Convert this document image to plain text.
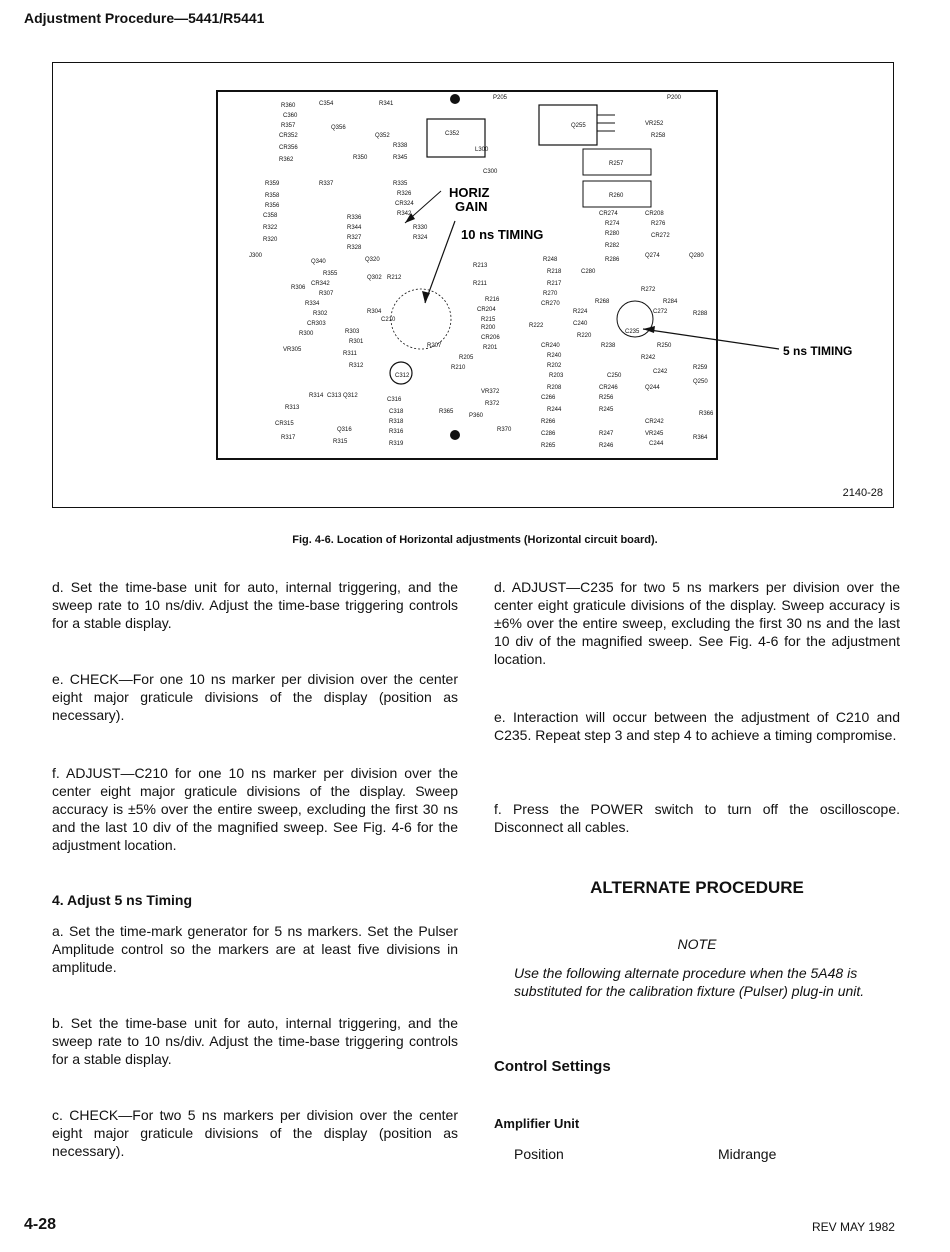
Adjustment Procedure—5441/R5441
HORIZ
GAIN
10 ns TIMING
5 ns TIMING
R360	C354	R341
C360
R357	Q356
CR352	Q352	C352
CR356	R338
L300
R362	R350	R345
C300
R359	R337	R335
R358	R326
R356	CR324
R342
C358	R336
R344	R330
R322
R327	R324
R320
R328
J300
Q340	Q320
R355
Q302 R212
R213
R306
CR342
R307
R211
R334
R302	R304
C210
R216
CR204
R215
CR303
R303
R200
R300
R301
CR206
R201
VR305
R311
R207
R205
R312	R210
C312
Q312
R314 C313
C316
VR372
R313
R372
C318	R365
P360
R318
CR315
Q316	R316	R370
R317
R315	R319
P205	P200
Q255	VR252
R258
R257
R260
CR274	CR208
R274	R276
R280	CR272
R282
Q274	Q280
R248	R286
R218
R217
C280
R270
CR270
R272
R268	R284
R224	C272	R288
R222	C240
C235
R220
CR240	R238	R250
R240
R202
R242
R203	C250
C242
R259
R208	CR246	Q244
Q250
C266	R256
R244	R245
R266
R366
CR242
C286	R247	VR245
R364
R265	R246	C244
2140-28
Fig. 4-6. Location of Horizontal adjustments (Horizontal circuit board).
d. Set the time-base unit for auto, internal triggering, and the sweep rate to 10 ns/div. Adjust the time-base triggering controls for a stable display.
e. CHECK—For one 10 ns marker per division over the center eight major graticule divisions of the display (position as necessary).
f. ADJUST—C210 for one 10 ns marker per division over the center eight major graticule divisions of the display. Sweep accuracy is ±5% over the entire sweep, excluding the first 30 ns and the last 10 div of the magnified sweep. See Fig. 4-6 for the adjustment location.
4. Adjust 5 ns Timing
a. Set the time-mark generator for 5 ns markers. Set the Pulser Amplitude control so the markers are at least five divisions in amplitude.
b. Set the time-base unit for auto, internal triggering, and the sweep rate to 10 ns/div. Adjust the time-base triggering controls for a stable display.
c. CHECK—For two 5 ns markers per division over the center eight major graticule divisions of the display (position as necessary).
d. ADJUST—C235 for two 5 ns markers per division over the center eight graticule divisions of the display. Sweep accuracy is ±6% over the entire sweep, excluding the first 30 ns and the last 10 div of the magnified sweep. See Fig. 4-6 for the adjustment location.
e. Interaction will occur between the adjustment of C210 and C235. Repeat step 3 and step 4 to achieve a timing compromise.
f. Press the POWER switch to turn off the oscilloscope. Disconnect all cables.
ALTERNATE PROCEDURE
NOTE
Use the following alternate procedure when the 5A48 is substituted for the calibration fixture (Pulser) plug-in unit.
Control Settings
Amplifier Unit
Position	Midrange
4-28	REV MAY 1982
